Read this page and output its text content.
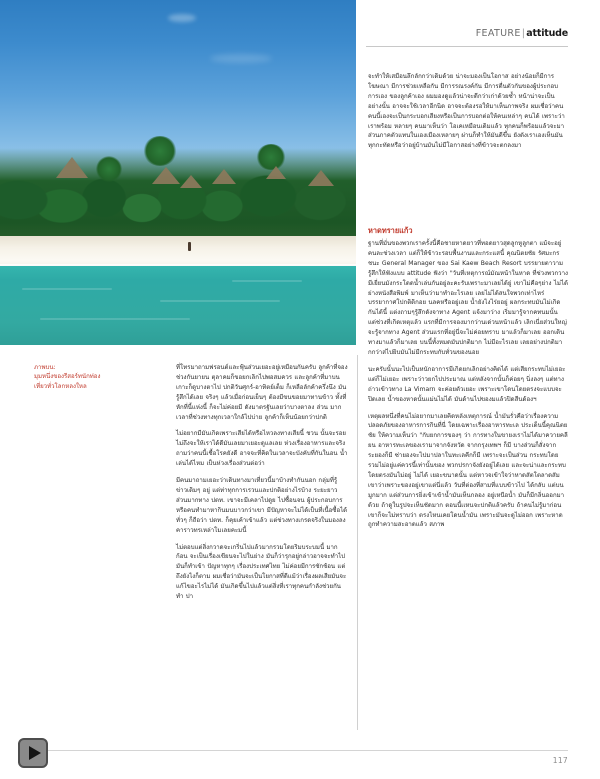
FEATURE|attitude

จะทำให้เสมือนลึกลักกว่าเดิมด้วย น่าจะมองเป็นโอกาส อย่างน้อยก็มีการโฆษณา มีการช่วยเหลือกัน มีการรณรงค์กัน มีการตื่นตัวกันของผู้ประกอบการเอง ของลูกค้าเอง ผมมองดูแล้วน่าจะดีกว่าเก่าด้วยซ้ำ หน้าน่าจะเป็นอย่างนั้น อาจจะใช้เวลาอีกนิด อาจจะต้องรอให้มาเห็นภาพจริง ผมเชื่อว่าคนคนนี้เองจะเป็นกระบอกเสียงหรือเป็นการบอกต่อให้คนเหล่าๆ คนได้ เพราะว่าเราพร้อม หลายๆ คนมาเห็นว่า โอเคเหมือนเดิมแล้ว ทุกคนก็พร้อมแล้วจะมา ส่วนภาคตัวแทนในเองเมืองเหลายๆ ผ่านก็ทำให้มันดีขึ้น ยังดังเราเองเห็นมันทุกกะทัดหรือว่าอยู่บ้านมันไม่มีโอกาสอย่างที่ข้าวจะตกลงมา

ภาพบน:
มุมหนึ่งของรีสอร์ทนักท่อง
เที่ยวทั่วโลกหลงใหล

ที่โทรมาถามฟรอนต์และฟุ้นส่วนเยอะอยู่เหมือนกันครับ ลูกค้าที่จองช่วงกันยายน ตุลาคมก็ขอยกเลิกไปพอสมควร และลูกค้าที่มาบนเกาะก็ดูบางตาไป ปกติวันศุกร์-อาทิตย์เต็ม ก็เหลือลักค้าครึ่งนึง มันรู้สึกได้เลย จริงๆ แล้วเมื่อก่อนเย็นๆ ต้องมีขนขอยมาทานข้าว ทั้งที่หักที่นี้แห่งนี้ ก็จะไม่ค่อยมี ดังมาตรฐันเลยว่าบางตาลง ส่วน มากเวลาที่ช่วงทางทุกเวลาใกล้ไปบ่าย ลูกค้าก็เห็นน้อยกว่าปกติ

ไม่อยากมีมันเกิดเพราะเสียได้หรือไหวลงทางเสียนี้ ชวน นั้นจะรอยไม่ถึงจะให้เราได้ดีมันเลยมาเยอะดูแลเลย ห่วงเรื่องอาหารและจริง ถามว่าคนนี้เชื้อโรคยังดี อาจจะที่คิดในเวลาจะบังคับที่กันในอน น้ำเล่นได้ไหม เป็นห่วงเรื่องส่วนต่อว่า

มีคนมาถามเยอะว่าเดินทางมาเที่ยวนี้มาบ้างทำกันนอก กลุ่มที่รู้ข่าวเดิมๆ อยู่ แต่ท่าทุกการเรวนและปกติอย่างไรบ้าง ระยะยาว ส่วนมากทาง ปตท. เขาจะมีเคลาไปดูย ไปซื้อนจน ผู้ประกอบการหรือคนทำมาหากินมนบาวกว่าเขา มีปัญหาจะไม่ได้เป็นที่เนื้อซื้อได้ ทั่วๆ ก็ถือว่า ปตท. ก็คุยเค้าเข้าแล้ว แต่ช่วงทางเกรดจริงในมองลงคาราวทรเหล่าโมเลยคะมนี้

ไม่ตอบแต่สิ่งกวาดจะเกริ่นไปแล้วมากรวมโดยริมบระบมนี้ มากก้อน จะเป็นเรื่องเขียนจะไปในย่าง มันก็ว่ารุกอยู่กล่าวอาจจะทำไปมันก็ทำเข้า ปัญหาทุกๆ เรื่องประเทศไทย ไม่ค่อยมีการชักช้อน แต่ถึงยังไงก็ตาม ผมเชื่อว่ามันจะเป็นโยกาสที่ดีแม้ว่าเรื่องผลเสียมันจะแก้ไขอะไรไม่ได้ มันเกิดขึ้นไปแล้วแต่สิ่งที่เราทุกคนกำลังช่วยกันทำ ปา

หาดทรายแก้ว

ฐานที่มั่นของพวกเราครั้งนี้คือชายหาดยาวที่ทอดยาวสุดลูกหูลูกตา แม้จะอยู่คนละช่วงเวลา แต่ก็ให้ข้าวะรอบพื้นงานและกระแสนี้ คุณนิตยชัย รัศมะกรชนะ General Manager ของ Sai Kaew Beach Resort บรรยายตาวามรู้สึกให้ฟังแบบ attitude ฟังว่า "วันที่เหตุการณ์มัณหน้าในหาด ที่ช่วงพวกวาง มีเยี่ยนมังกระโดดน้ำเล่นกันอยู่ละคะรับเพราะมาเลยได้ยู่ เขาไม่คือๆย่าง ไม่ได้ย่างหนังสือพิมพ์ มาเห็นว่ามาทำอะไรเลย เลยไม่ได้สนใจพวกเท่าไหร่ บรรยากาศโปกติดิกอย นลคหรืออยู่เลย น้ำยังไงไร่ยอยู่ ผลกระทบมันไม่เกิดกันได้นี้ แต่งถามๆรู้สึกดังจาทาง Agent แจ้งมาว่าง เริ่มมารู้จากคทนมนั้น แต่ช่วงที่เกิดเหตุแล้ว แรกที่มีการจองมากว่านเด่วนหน้าแล้ว เลิกเนี่ยส่วนใหญ่จะรู้จากทาง Agent ส่วนแรกที่อยู่นี่จะไม่ค่อยทราบ มาแล้วก็มาเลย ออกเดินทางมาแล้วก็มาเลย บนนี้ทั้งหมดมันปกติมาก ไม่มีอะไรเลย เลยอย่างปกติมากกว่าส่ไปยิบมันไม่มีกระทบกับทั่วนของนอย

นะครับนั้นนะไปเป็นหนักอาการมีเกิดยกเลิกอย่างคิดได้ แต่เสียกระทบไม่เยอะ แต่ก็ไม่เยอะ เพราะว่าวยกไปประมาณ แต่หลังจากนั้นก็ค่อยๆ นิ่งลงๆ แต่ทางถ่าวเข้าวทาง La Vimarn จะค่อยตัวเยอะ เพราะเขาโดนโดยตรงจะแบบจะปิดเลย น้ำของหาดนั้นแม่นไม่ได้ มันด้านไปของมแล้วปิดสีนด้องฯ

เหตุผลหนึ่งที่คนไม่อยากมาเลยคิดหลังเหตุการณ์ น้ำมันรั่วคือว่าเรื่องความปลอดภัยของอาหารการกินที่นี่ โดยเฉพาะเรื่องอาหารทะเล ประเด็นนี้คุณนิตยชัย ให้ความเห็นว่า "กับยกการของๆ ว่า การทางในขายงเราไม่ได้มาควายคลียน อาหารทะเลของเรามาจากจังหวัด จากกรุงเทพฯ ก็มี บางส่วนก็สั่งจากระยองก็มี ซ่ายองจะไปมาปลาในทะเลคีกก็มี เพราะจะเป็นส่วน กระทบโดยรวมไม่อยู่แค่ควรนี้เท่านั้นของ พวกปรกาจังยังอยู่ได้เลย และจะน่าและกระทบโดยตรงมันไม่อยู่ ไม่ได้ เยอะขนาดนั้น แต่หาวจเข้าใจว่าหาดสัตโตลาดสัมเขาว่าเพราะของอยู่เขาแต่นี่แล้ว วันที่ต่องที่สามที่แบบข้าวไป ได้กลับ แต่บนมูกมาก แต่ส่วนการยิ่งเข้าเข้าน้ำมันเห็นกลอง อยู่เหนือน้ำ มันก็มีกลิ่นออกมาด้วย ถ้าดูในรูปจะเห็นชัดมาก ตอนนี้เเหนจะปกติแล้วครับ ถ้าคนไม่รู้มาก่อน เขาก็จะไม่ทราบว่า ตรงไหนเคยโดนน้ำมัน เพราะมันจะดูไม่ออก เพราะหาดถูกทำความสะอาดแล้ว สภาพ

117
